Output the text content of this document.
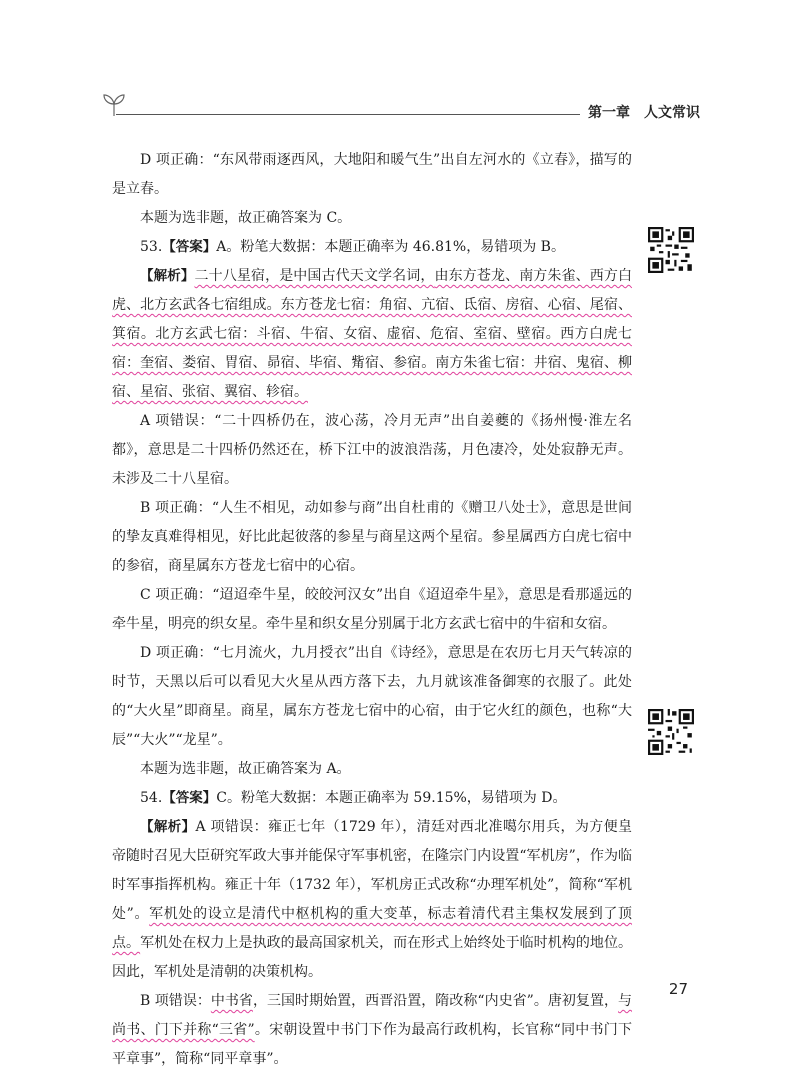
第一章 人文常识

D 项正确：“东风带雨逐西风，大地阳和暖气生”出自左河水的《立春》，描写的是立春。

本题为选非题，故正确答案为 C。

53.【答案】A。粉笔大数据：本题正确率为 46.81%，易错项为 B。

【解析】二十八星宿，是中国古代天文学名词，由东方苍龙、南方朱雀、西方白虎、北方玄武各七宿组成。东方苍龙七宿：角宿、亢宿、氐宿、房宿、心宿、尾宿、箕宿。北方玄武七宿：斗宿、牛宿、女宿、虚宿、危宿、室宿、壁宿。西方白虎七宿：奎宿、娄宿、胃宿、昴宿、毕宿、觜宿、参宿。南方朱雀七宿：井宿、鬼宿、柳宿、星宿、张宿、翼宿、轸宿。

A 项错误：“二十四桥仍在，波心荡，冷月无声”出自姜夔的《扬州慢·淮左名都》，意思是二十四桥仍然还在，桥下江中的波浪浩荡，月色凄冷，处处寂静无声。未涉及二十八星宿。

B 项正确：“人生不相见，动如参与商”出自杜甫的《赠卫八处士》，意思是世间的挚友真难得相见，好比此起彼落的参星与商星这两个星宿。参星属西方白虎七宿中的参宿，商星属东方苍龙七宿中的心宿。

C 项正确：“迢迢牵牛星，皎皎河汉女”出自《迢迢牵牛星》，意思是看那遥远的牵牛星，明亮的织女星。牵牛星和织女星分别属于北方玄武七宿中的牛宿和女宿。

D 项正确：“七月流火，九月授衣”出自《诗经》，意思是在农历七月天气转凉的时节，天黑以后可以看见大火星从西方落下去，九月就该准备御寒的衣服了。此处的“大火星”即商星。商星，属东方苍龙七宿中的心宿，由于它火红的颜色，也称“大辰”“大火”“龙星”。

本题为选非题，故正确答案为 A。

54.【答案】C。粉笔大数据：本题正确率为 59.15%，易错项为 D。

【解析】A 项错误：雍正七年（1729 年），清廷对西北准噶尔用兵，为方便皇帝随时召见大臣研究军政大事并能保守军事机密，在隆宗门内设置“军机房”，作为临时军事指挥机构。雍正十年（1732 年），军机房正式改称“办理军机处”，简称“军机处”。军机处的设立是清代中枢机构的重大变革，标志着清代君主集权发展到了顶点。军机处在权力上是执政的最高国家机关，而在形式上始终处于临时机构的地位。因此，军机处是清朝的决策机构。

B 项错误：中书省，三国时期始置，西晋沿置，隋改称“内史省”。唐初复置，与尚书、门下并称“三省”。宋朝设置中书门下作为最高行政机构，长官称“同中书门下平章事”，简称“同平章事”。

27
